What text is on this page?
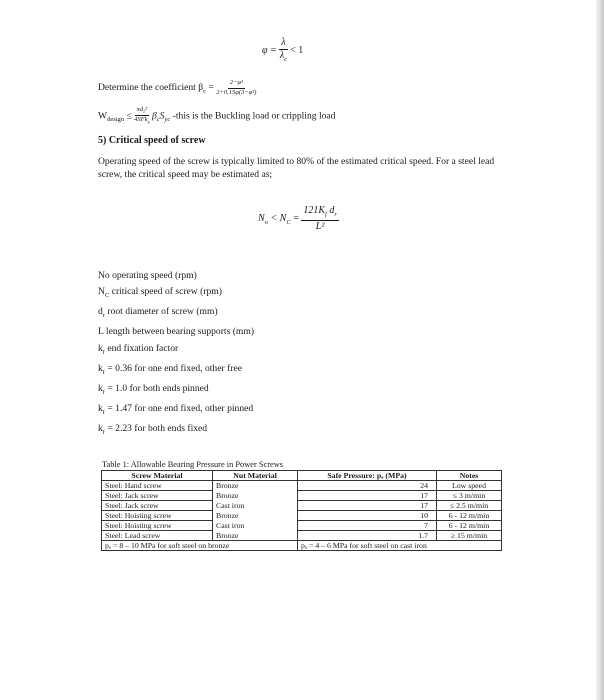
$\varphi = \frac{\lambda}{\lambda_c} < 1$
Determine the coefficient $\beta_c = \frac{\text{2−φ²}}{\text{2+0.15φ(3−φ²)}}$
$W_{design} \le \frac{\text{πd₂²}}{4SFk_s} \beta_cS_{yc}$ -this is the Buckling load or crippling load
5) Critical speed of screw
Operating speed of the screw is typically limited to 80% of the estimated critical speed. For a steel lead screw, the critical speed may be estimated as;
$N_o < N_C = \frac{121K_f d_r}{\text{L²}}$
No operating speed (rpm)
$N_C$ critical speed of screw (rpm)
$d_r$ root diameter of screw (mm)
L length between bearing supports (mm)
$k_f$ end fixation factor
$k_f = 0.36$ for one end fixed, other free
$k_f = 1.0$ for both ends pinned
$k_f = 1.47$ for one end fixed, other pinned
$k_f = 2.23$ for both ends fixed
Table 1: Allowable Bearing Pressure in Power Screws
Screw Material	Nut Material	Safe Pressure: pₐ (MPa)	Notes
Steel: Hand screw	Bronze	24	Low speed
Steel: Jack screw	Bronze	17	≤ 3 m/min
Steel: Jack screw	Cast iron	17	≤ 2.5 m/min
Steel: Hoisting screw	Bronze	10	6 - 12 m/min
Steel: Hoisting screw	Cast iron	7	6 - 12 m/min
Steel: Lead screw	Bronze	1.7	≥ 15 m/min
pₐ = 8 – 10 MPa for soft steel on bronze		pₐ = 4 – 6 MPa for soft steel on cast iron	
